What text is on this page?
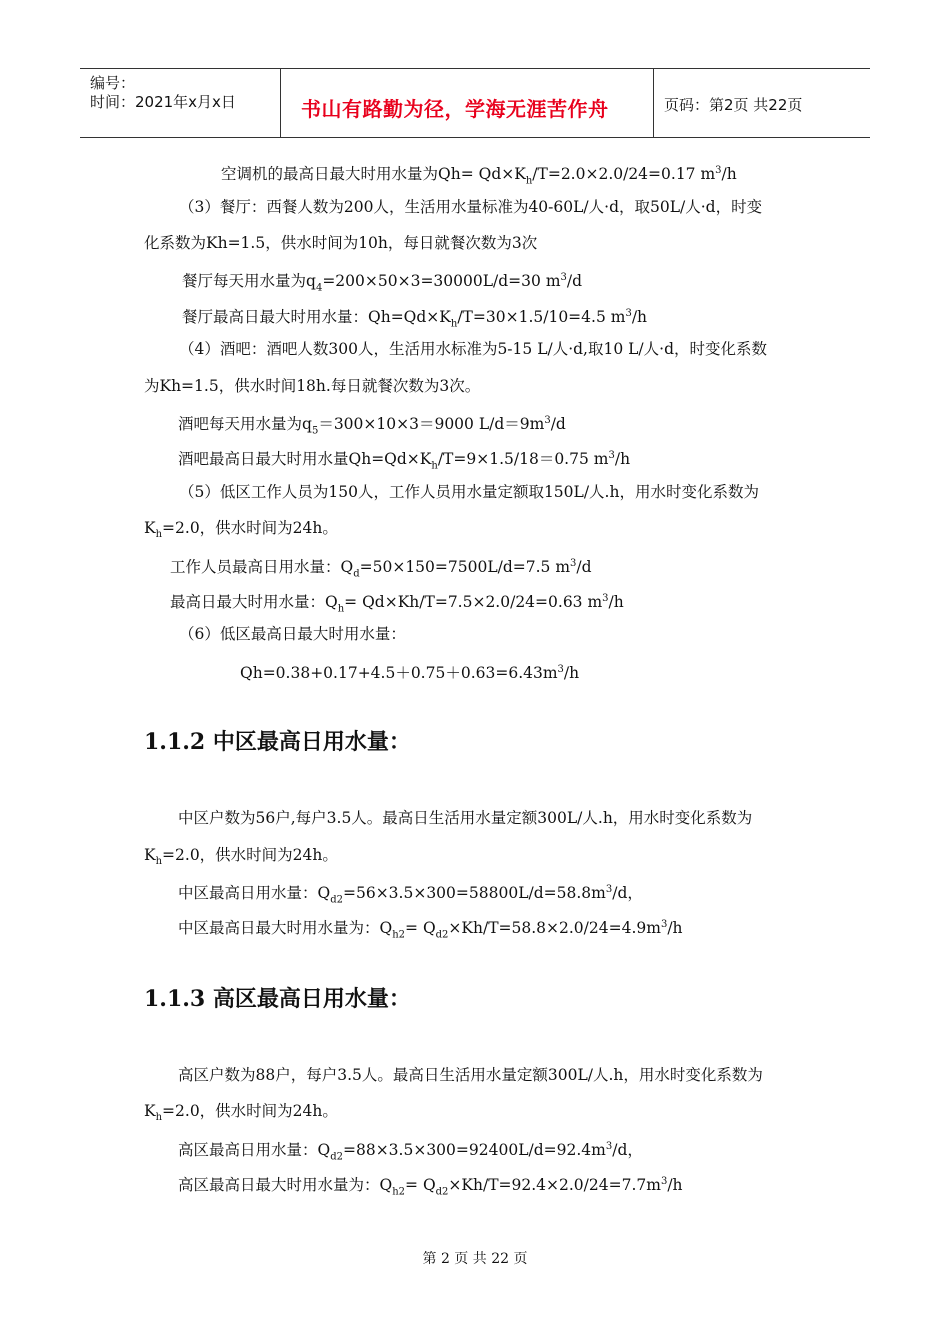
编号：
时间：2021年x月x日	书山有路勤为径，学海无涯苦作舟	页码：第2页 共22页
空调机的最高日最大时用水量为$Qh= Qd\times K_h/T=2.0\times 2.0/24=0.17$ $m^3/h$
（3）餐厅：西餐人数为200人，生活用水量标准为40-60L/人·d，取50L/人·d，时变
化系数为Kh=1.5，供水时间为10h，每日就餐次数为3次
餐厅每天用水量为$q_4=200\times 50\times 3=30000L/d=30$ $m^3/d$
餐厅最高日最大时用水量：$Qh=Qd\times K_h/T=30\times 1.5/10=4.5$ $m^3/h$
（4）酒吧：酒吧人数300人，生活用水标准为5-15 L/人·d,取10 L/人·d，时变化系数
为Kh=1.5，供水时间18h.每日就餐次数为3次。
酒吧每天用水量为$q_5=300\times 10\times 3=9000$ $L/d=9m^3/d$
酒吧最高日最大时用水量$Qh=Qd\times K_h/T=9\times 1.5/18=0.75$ $m^3/h$
（5）低区工作人员为150人，工作人员用水量定额取150L/人.h，用水时变化系数为
$K_h=2.0$，供水时间为24h。
工作人员最高日用水量：$Q_d=50\times 150=7500L/d=7.5$ $m^3/d$
最高日最大时用水量：$Q_h= Qd\times Kh/T=7.5\times 2.0/24=0.63$ $m^3/h$
（6）低区最高日最大时用水量：
$Qh=0.38+0.17+4.5+0.75+0.63=6.43m^3/h$
1.1.2 中区最高日用水量：
中区户数为56户,每户3.5人。最高日生活用水量定额300L/人.h，用水时变化系数为
$K_h=2.0$，供水时间为24h。
中区最高日用水量：$Q_{d2}=56\times 3.5\times 300=58800L/d=58.8m^3/d$，
中区最高日最大时用水量为：$Q_{h2}= Q_{d2}\times Kh/T=58.8\times 2.0/24=4.9m^3/h$
1.1.3 高区最高日用水量：
高区户数为88户，每户3.5人。最高日生活用水量定额300L/人.h，用水时变化系数为
$K_h=2.0$，供水时间为24h。
高区最高日用水量：$Q_{d2}=88\times 3.5\times 300=92400L/d=92.4m^3/d$，
高区最高日最大时用水量为：$Q_{h2}= Q_{d2}\times Kh/T=92.4\times 2.0/24=7.7m^3/h$
第 2 页 共 22 页
